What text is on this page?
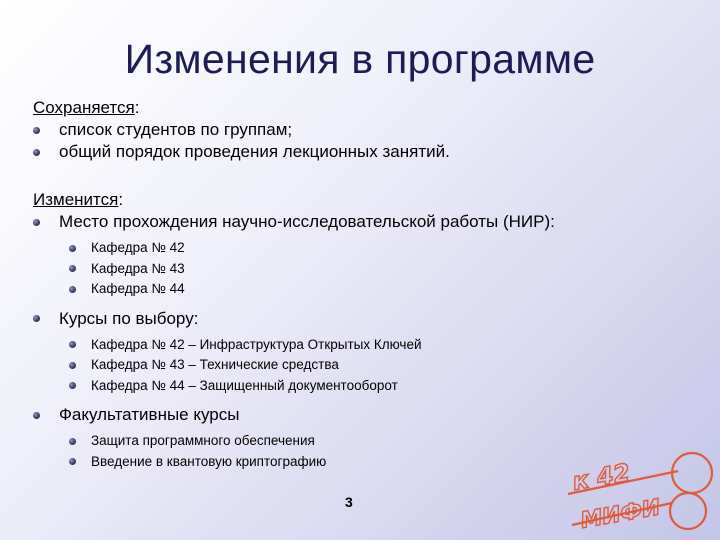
Изменения в программе
Сохраняется:
список студентов по группам;
общий порядок проведения лекционных занятий.
Изменится:
Место прохождения научно-исследовательской работы (НИР):
Кафедра № 42
Кафедра № 43
Кафедра № 44
Курсы по выбору:
Кафедра № 42 – Инфраструктура Открытых Ключей
Кафедра № 43 – Технические средства
Кафедра № 44 – Защищенный документооборот
Факультативные курсы
Защита программного обеспечения
Введение в квантовую криптографию
3
к 42
МИФИ
